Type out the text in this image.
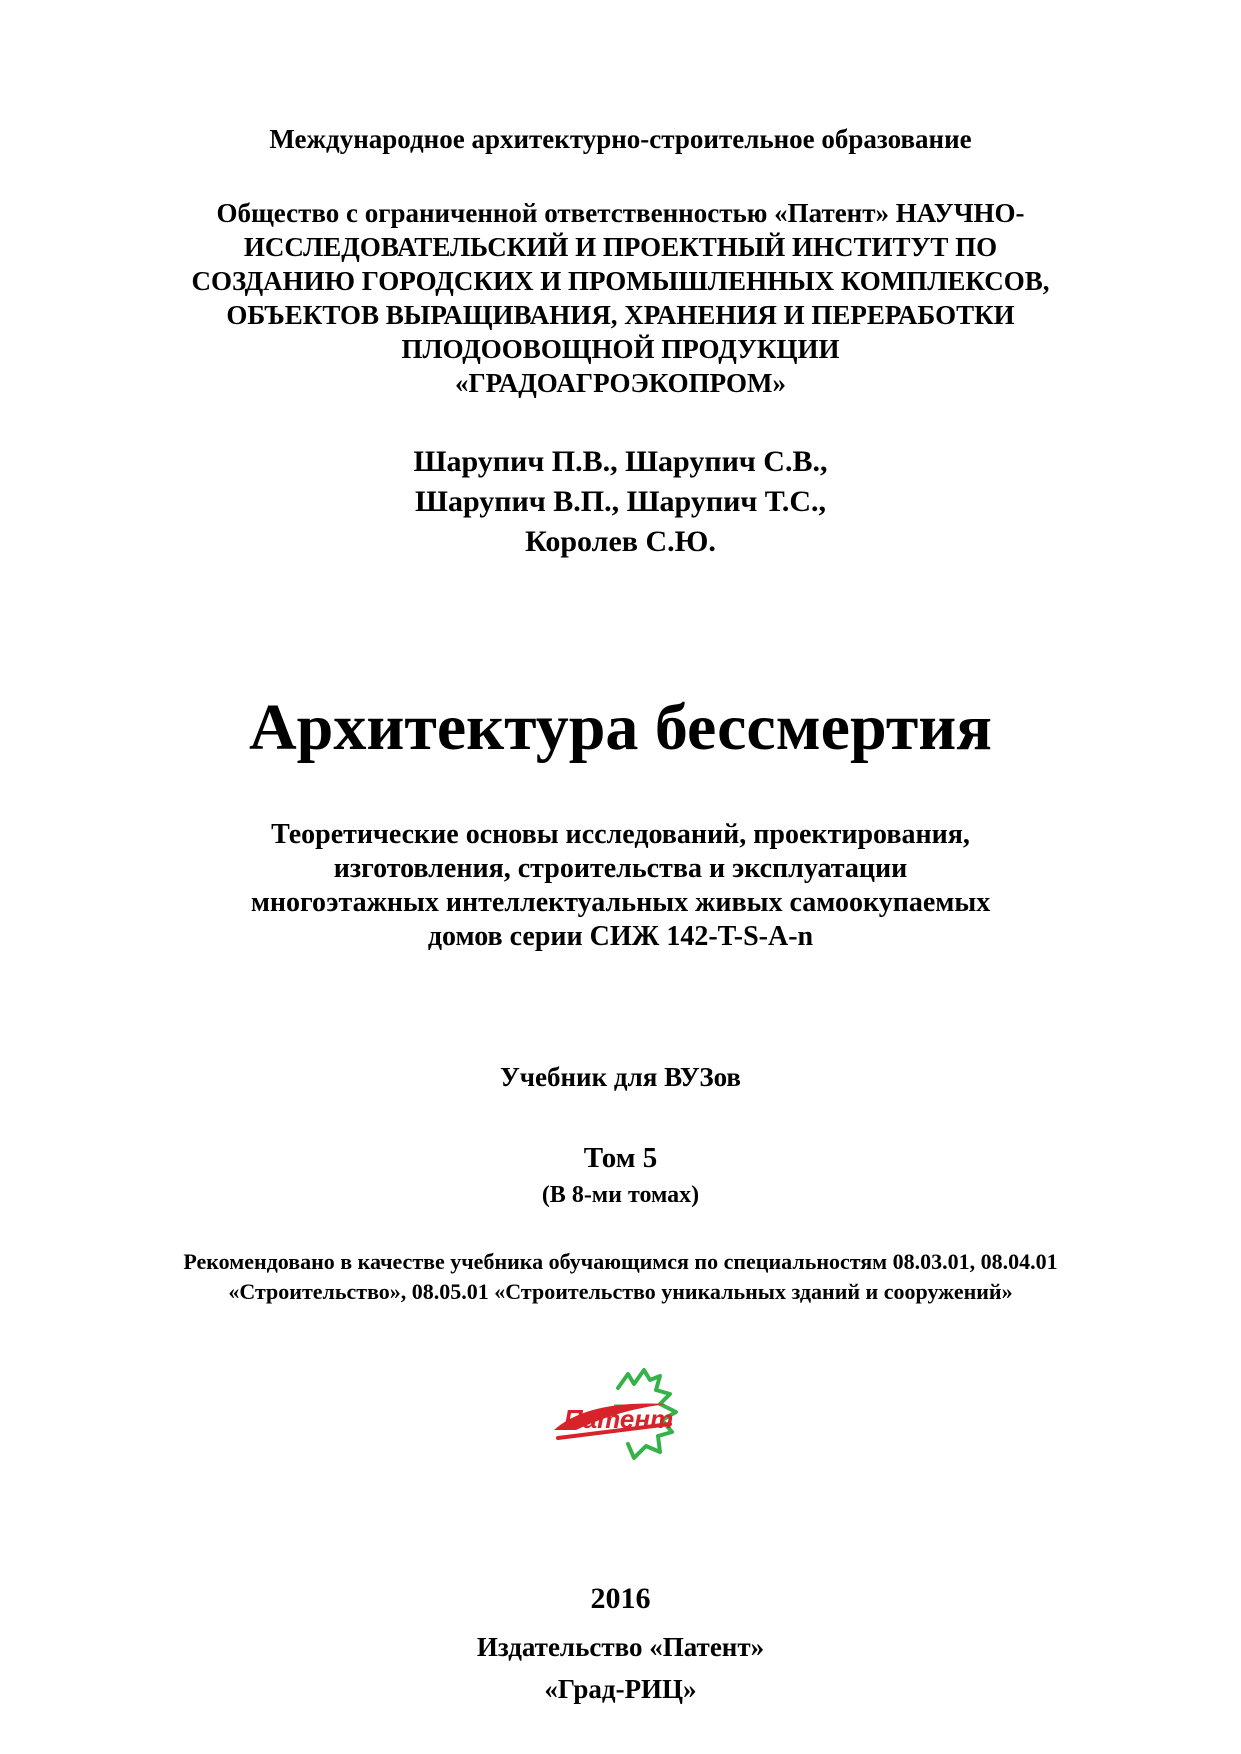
Международное архитектурно-строительное образование
Общество с ограниченной ответственностью «Патент» НАУЧНО-
ИССЛЕДОВАТЕЛЬСКИЙ И ПРОЕКТНЫЙ ИНСТИТУТ ПО
СОЗДАНИЮ ГОРОДСКИХ И ПРОМЫШЛЕННЫХ КОМПЛЕКСОВ,
ОБЪЕКТОВ ВЫРАЩИВАНИЯ, ХРАНЕНИЯ И ПЕРЕРАБОТКИ
ПЛОДООВОЩНОЙ ПРОДУКЦИИ
«ГРАДОАГРОЭКОПРОМ»
Шарупич П.В., Шарупич С.В.,
Шарупич В.П., Шарупич Т.С.,
Королев С.Ю.
Архитектура бессмертия
Теоретические основы исследований, проектирования,
изготовления, строительства и эксплуатации
многоэтажных интеллектуальных живых самоокупаемых
домов серии СИЖ 142-T-S-A-n
Учебник для ВУЗов
Том 5
(В 8-ми томах)
Рекомендовано в качестве учебника обучающимся по специальностям 08.03.01, 08.04.01
«Строительство», 08.05.01 «Строительство уникальных зданий и сооружений»
Патент
2016
Издательство «Патент»
«Град-РИЦ»
